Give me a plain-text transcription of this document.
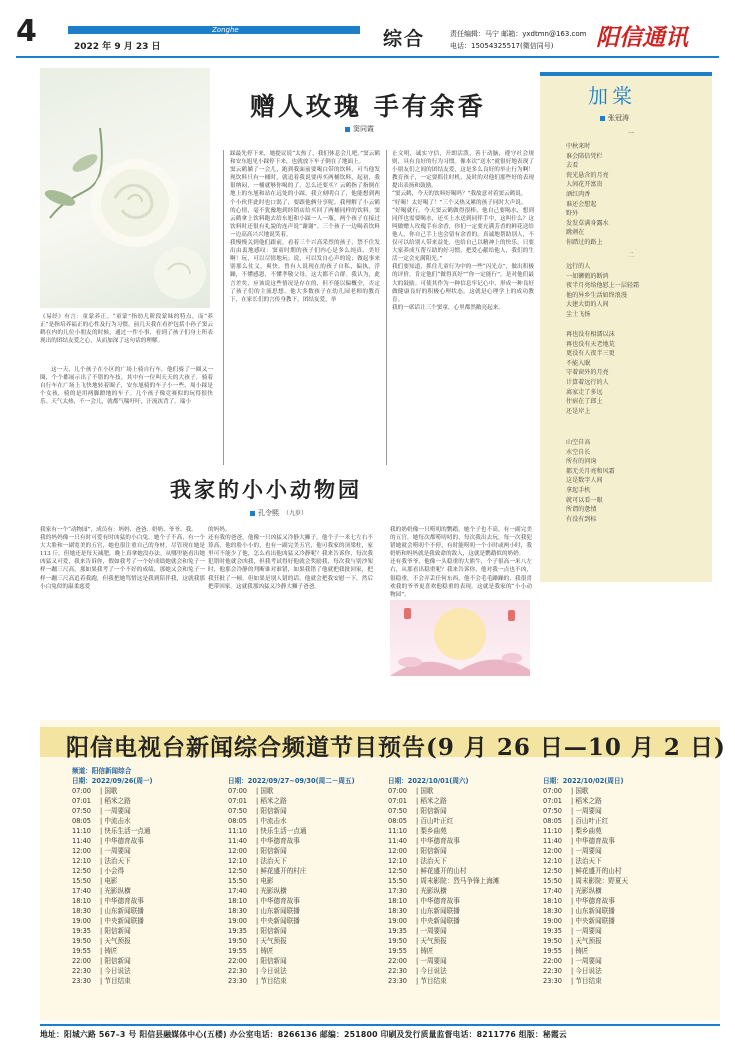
4	Zonghe
2022 年 9 月 23 日	综合	责任编辑：马宁 邮箱：yxdtmn@163.com
电话：15054325517(微信同号)	阳信通讯
赠人玫瑰 手有余香
窦同霞
《易经》有言：童蒙养正。“童蒙”指幼儿阶段蒙昧的特点，而“养正”是指培养福正的心性及行为习惯。前几天我在看护包括小孙子窦云鹤在内的几位小朋友的时候，通过一件小事，看到了孩子们身上所表现出的团结友爱之心，从而加深了这句话的理解。
这一天，几个孩子在小区的广场上骑自行车，他们骑了一圈又一圈，个个都展示出了不错的车技。其中有一位叫天天的大孩子，骑着自行车在广场上飞快地转着圈子，安东旭骑的车子小一些，周小踩是个女孩，骑的是用两脚蹬地的车子。几个孩子像竞赛似的玩得很快乐。天气太热，不一会儿，就都气喘吁吁，汗流浃背了。瑞小
踩最先停下来，她提议说“太热了，我们休息会儿吧。”窦云鹤和安东旭见小踩停下来，也就放下车子倒在了地面上。
窦云鹤躺了一会儿，跑到我面前要喝白带的饮料，可当他发现饮料只有一桶时，就追着我说要再买两桶饮料，起初，我很纳闷，一桶就够你喝的了，怎么还要买？云鹤指了指倒在地上的东旭和站在远处的小踩，我立刻明白了，他能想到两个小伙伴此时也口渴了，要跟他俩分享呢。我理解了小云鹤的心情，毫不犹豫地到经销店给买回了两桶同样的饮料。窦云鹤拿上饮料跑去给东旭和小踩一人一瓶，两个孩子在接过饮料时还很有礼貌的连声说“谢谢”。三个孩子一边喝着饮料一边高高兴兴地说笑着。
我慢慢关到他们跟前，看着三个兴高采烈的孩子，禁不住发出由衷地感叹：窦童时期的孩子们内心是多么纯真、美好啊！玩，可以尽情地玩；说，可以发自心声的说；做起事来别那么仗义，爽快。曾有人说现在的孩子自私、偏执、浮躁，不懂感恩，不懂孝敬父母，这大都不合群。我认为，此言差矣，应该说这些情况是存在的，但不能以偏概全，否定了孩子们的主流思想。他大多数孩子在幼儿园老师的教育下，在家长们的言传身教下，团结友爱，举
止文明，诚实守信，开朗活泼，善于动脑，遵守社会规则，具有良好的行为习惯。像本次“送水”就很好地表现了小朋友们之间的团结友爱，这是多么良好的举止行为啊！教育孩子，一定要抓住时机，及时的对他们那些好的表现提出表扬和鼓励。
“窦云鹤，今天的饮料好喝吗？”我故意对着窦云鹤说。
“好喝！太好喝了！”三个又热又累的孩子同时大声说。
“好喝就行。今天窦云鹤做得很棒，他自己要喝水，想到同伴也需要喝水，还买上水送到同伴手中，这叫什么？这叫做赠人玫瑰手有余香，你们一定要充满芳香的鲜花送给他人，你自己手上也会留有余香的。真诚地帮助别人，不仅可以给别人带来益处，也给自己以精神上的快乐。只要大家养成互帮互助的好习惯，把爱心献给他人，我们的生活一定会充满阳光。”
我们要知道，抓住儿童行为中的一些“闪光点”，做出积极的评价，肯定他们“做得真好”“你一定能行”，是对他们最大的鼓励。可使其作为一种信息牢记心中，形成一种良好做健康良好的积极心理状态。这就是心理学上的成功教育。
我的一席话让三个窦童，心里都然敞亮起来。
加棠
张冠涛
一
中秋来时
谁会陪倍凭栏
去看
瓷光悬含的月亮
人间花开富贵
酒红肉香
谁还会想起
野外
发发草满身露水
跳刺在
你踏过的路上
二
远行的人
一如狮鹤的断鸿
夜半月亮给他慰上一层轻霜
他的异乡生活如终浪漫
大建大街的人间
尘土飞扬
再也没有相濡以沫
再也没有天老地荒
更没有人夜半三更
不能入眠
守着窗外的月亮
计算着远行的人
离家走了多远
住宿在了郎上
还是岸上
山空自高
水空自长
所有的问询
都无关月亮和风霜
这是数字人间
拿起手机
就可以看一眼
所谓的惫情
有没有到标
我家的小小动物园
孔令熙 （九岁）
我家有一个“动物园”，成员有：妈妈、爸爸、奶奶、爷爷、我。
我的妈妈像一只有时可爱有时凶猛的小白兔。她个子不高，有一个大大脸和一副宽美的五官，她也很注重自己的身材，尽管现在她是 113 斤，但她还是每天减肥，晚上真拿她没办法。从哪里能看出她凶猛又可爱，我来告诉你，假如我考了一个好成绩她就会和兔子一样一蹦三尺高，那如果我考了一个不好的成绩，那她又会和兔子一样一蹦三尺高追着我跑，但我把她骂惜这是我到陪伴我，这就我那小白兔似的温柔慈爱
的妈妈。
还有我的爸爸，他像一只凶猛又冷静大狮子，他个子一米七左右不算高，他的脸小小的，也有一副完美五官，他可我家的顶梁柱，家里可不能少了他，怎么看出他凶猛又冷静呢？我来告诉你，每次我犯错时他就会凶我，但我考试得好他就会奖励我，每次我与别沙架时，他那会冷静的判断谁对谁错，如果我错了他就把我批回家，把我狂批了一顿，但如果是别人错的话，他就会把我安慰一下，然后把带回家。这就我那凶猛又冷静大狮子爸爸。
我的奶奶像一只唠叨的鹦鹉。她个子也不高，有一副完美的五官，她每次都唠叨叨的，每次我出去玩，每一次我犯错她就会唠叨个不停，有时能唠叨一个小时或两小时，我奶奶和妈妈就是我致命的敌人，这就是鹦鹉似的奶奶。
还有我爷爷，他像一头稳重的大熊牛，个子很高一米八左右，从那看出稳重呢？我来告诉你，他对我一点也不凶，很稳重，不会弄丢任何东西，他不会毛毛躁躁的，我很喜欢我的爷爷更喜欢他稳重的表现。这就是我家的“小小动物园”。
阳信电视台新闻综合频道节目预告(9 月 26 日—10 月 2 日)
频道：阳信新闻综合
日期：2022/09/26(周一)
07:00 | 国歌
07:01 | 稻米之路
07:50 | 一周要闻
08:05 | 中流击水
11:10 | 快乐生活一点通
11:40 | 中华德育故事
12:00 | 一周要闻
12:10 | 法治天下
12:50 | 小会得
15:50 | 电影
17:40 | 光影纵横
18:10 | 中华德育故事
18:30 | 山东新闻联播
19:00 | 中央新闻联播
19:35 | 阳信新闻
19:50 | 天气预报
19:55 | 铸匠
22:00 | 阳信新闻
22:30 | 今日说法
23:30 | 节目结束

日期：2022/09/27~09/30(周二－周五)
07:00 | 国歌
07:01 | 稻米之路
07:50 | 阳信新闻
08:05 | 中流击水
11:10 | 快乐生活一点通
11:40 | 中华德育故事
12:00 | 阳信新闻
12:10 | 法治天下
12:50 | 鲜花盛开的村庄
15:50 | 电影
17:40 | 光影纵横
18:10 | 中华德育故事
18:30 | 山东新闻联播
19:00 | 中央新闻联播
19:35 | 阳信新闻
19:50 | 天气预报
19:55 | 铸匠
22:00 | 阳信新闻
22:30 | 今日说法
23:30 | 节目结束

日期：2022/10/01(周六)
07:00 | 国歌
07:01 | 稻米之路
07:50 | 阳信新闻
08:05 | 百山叶正红
11:10 | 梨乡曲苑
11:40 | 中华德育故事
12:00 | 阳信新闻
12:10 | 法治天下
12:50 | 鲜花盛开的山村
15:50 | 周末影院：烈马争锋上海滩
17:30 | 光影纵横
18:10 | 中华德育故事
18:30 | 山东新闻联播
19:00 | 中央新闻联播
19:35 | 一周要闻
19:50 | 天气预报
19:55 | 铸匠
22:00 | 一周要闻
22:30 | 今日说法
23:30 | 节目结束

日期：2022/10/02(周日)
07:00 | 国歌
07:01 | 稻米之路
07:50 | 一周要闻
08:05 | 百山叶正红
11:10 | 梨乡曲苑
11:40 | 中华德育故事
12:00 | 一周要闻
12:10 | 法治天下
12:50 | 鲜花盛开的山村
15:50 | 周末影院：野夏天
17:40 | 光影纵横
18:10 | 中华德育故事
18:30 | 山东新闻联播
19:00 | 中央新闻联播
19:35 | 一周要闻
19:50 | 天气预报
19:55 | 铸匠
22:00 | 一周要闻
22:30 | 今日说法
23:30 | 节目结束
地址：阳城六路 567–3 号 阳信县融媒体中心(五楼) 办公室电话：8266136 邮编：251800 印刷及发行质量监督电话：8211776 组版：秘霞云
